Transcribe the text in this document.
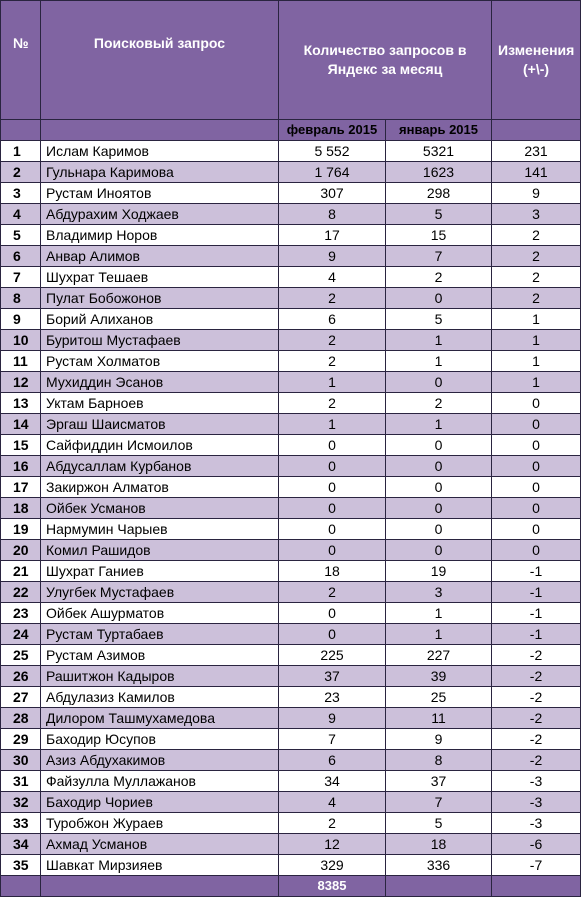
№	Поисковый запрос	Количество запросов в Яндекс за месяц		Изменения (+\-)
		февраль 2015	январь 2015	
1	Ислам Каримов	5 552	5321	231
2	Гульнара Каримова	1 764	1623	141
3	Рустам Иноятов	307	298	9
4	Абдурахим Ходжаев	8	5	3
5	Владимир Норов	17	15	2
6	Анвар Алимов	9	7	2
7	Шухрат Тешаев	4	2	2
8	Пулат Бобожонов	2	0	2
9	Борий Алиханов	6	5	1
10	Буритош Мустафаев	2	1	1
11	Рустам Холматов	2	1	1
12	Мухиддин Эсанов	1	0	1
13	Уктам Барноев	2	2	0
14	Эргаш Шаисматов	1	1	0
15	Сайфиддин Исмоилов	0	0	0
16	Абдусаллам Курбанов	0	0	0
17	Закиржон Алматов	0	0	0
18	Ойбек Усманов	0	0	0
19	Нармумин Чарыев	0	0	0
20	Комил Рашидов	0	0	0
21	Шухрат Ганиев	18	19	-1
22	Улугбек Мустафаев	2	3	-1
23	Ойбек Ашурматов	0	1	-1
24	Рустам Туртабаев	0	1	-1
25	Рустам Азимов	225	227	-2
26	Рашитжон Кадыров	37	39	-2
27	Абдулазиз Камилов	23	25	-2
28	Дилором Ташмухамедова	9	11	-2
29	Баходир Юсупов	7	9	-2
30	Азиз Абдухакимов	6	8	-2
31	Файзулла Муллажанов	34	37	-3
32	Баходир Чориев	4	7	-3
33	Туробжон Жураев	2	5	-3
34	Ахмад Усманов	12	18	-6
35	Шавкат Мирзияев	329	336	-7
		8385		
